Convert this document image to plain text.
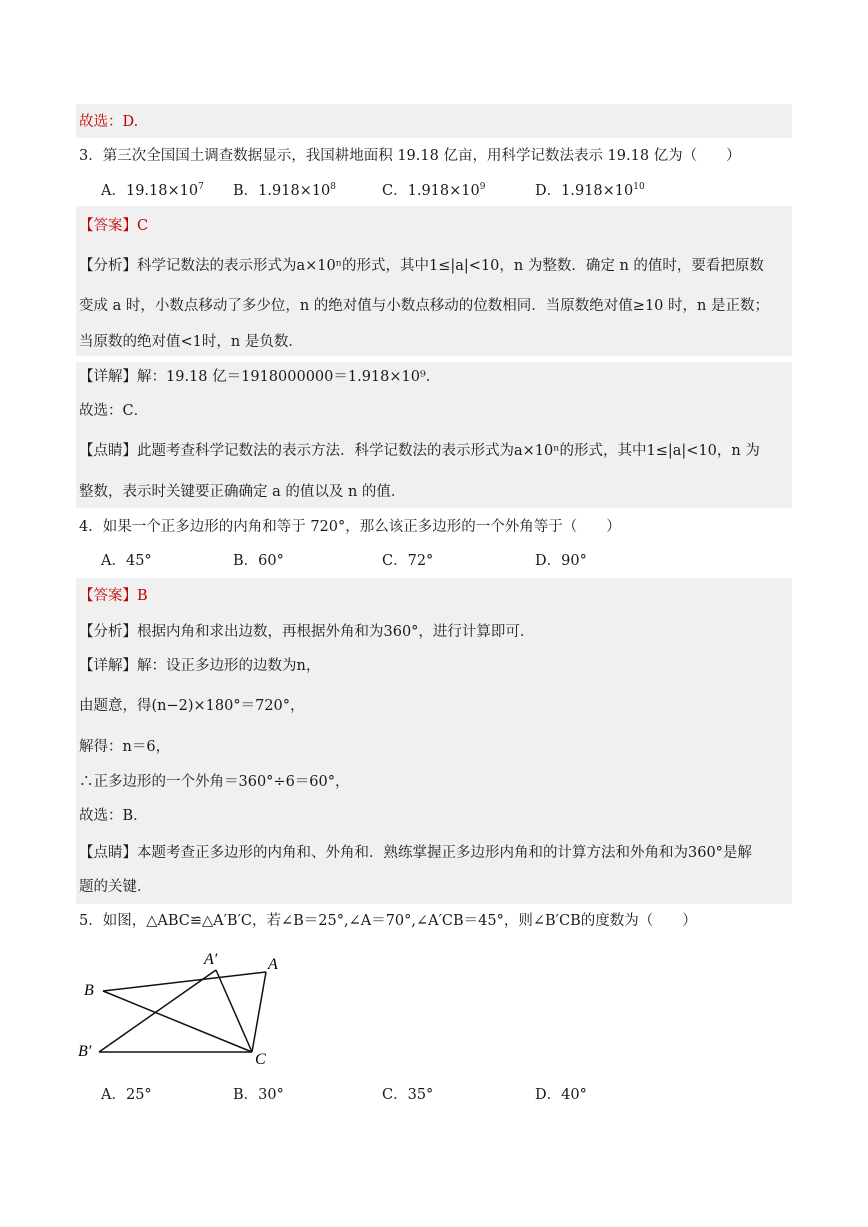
故选：D.
3．第三次全国国土调查数据显示，我国耕地面积 19.18 亿亩，用科学记数法表示 19.18 亿为（　　）
A．$19.18\times 10^7$ B．$1.918\times 10^8$	C．$1.918\times 10^9$	D．$1.918\times 10^{10}$
【答案】C
【分析】科学记数法的表示形式为a×10ⁿ的形式，其中1≤|a|<10，n 为整数．确定 n 的值时，要看把原数
变成 a 时，小数点移动了多少位，n 的绝对值与小数点移动的位数相同．当原数绝对值≥10 时，n 是正数；
当原数的绝对值<1时，n 是负数．
【详解】解：19.18 亿＝1918000000＝1.918×10⁹．
故选：C．
【点睛】此题考查科学记数法的表示方法．科学记数法的表示形式为a×10ⁿ的形式，其中1≤|a|<10，n 为
整数，表示时关键要正确确定 a 的值以及 n 的值．
4．如果一个正多边形的内角和等于 720°，那么该正多边形的一个外角等于（　　）
A．45°	B．60°	C．72°	D．90°
【答案】B
【分析】根据内角和求出边数，再根据外角和为360°，进行计算即可．
【详解】解：设正多边形的边数为n，
由题意，得(n−2)×180°＝720°，
解得：n＝6，
∴正多边形的一个外角＝360°÷6＝60°，
故选：B．
【点睛】本题考查正多边形的内角和、外角和．熟练掌握正多边形内角和的计算方法和外角和为360°是解
题的关键．
5．如图，△ABC≌△A′B′C，若∠B＝25°,∠A＝70°,∠A′CB＝45°，则∠B′CB的度数为（　　）
A′	A
B
B′	C
A．25°	B．30°	C．35°	D．40°
